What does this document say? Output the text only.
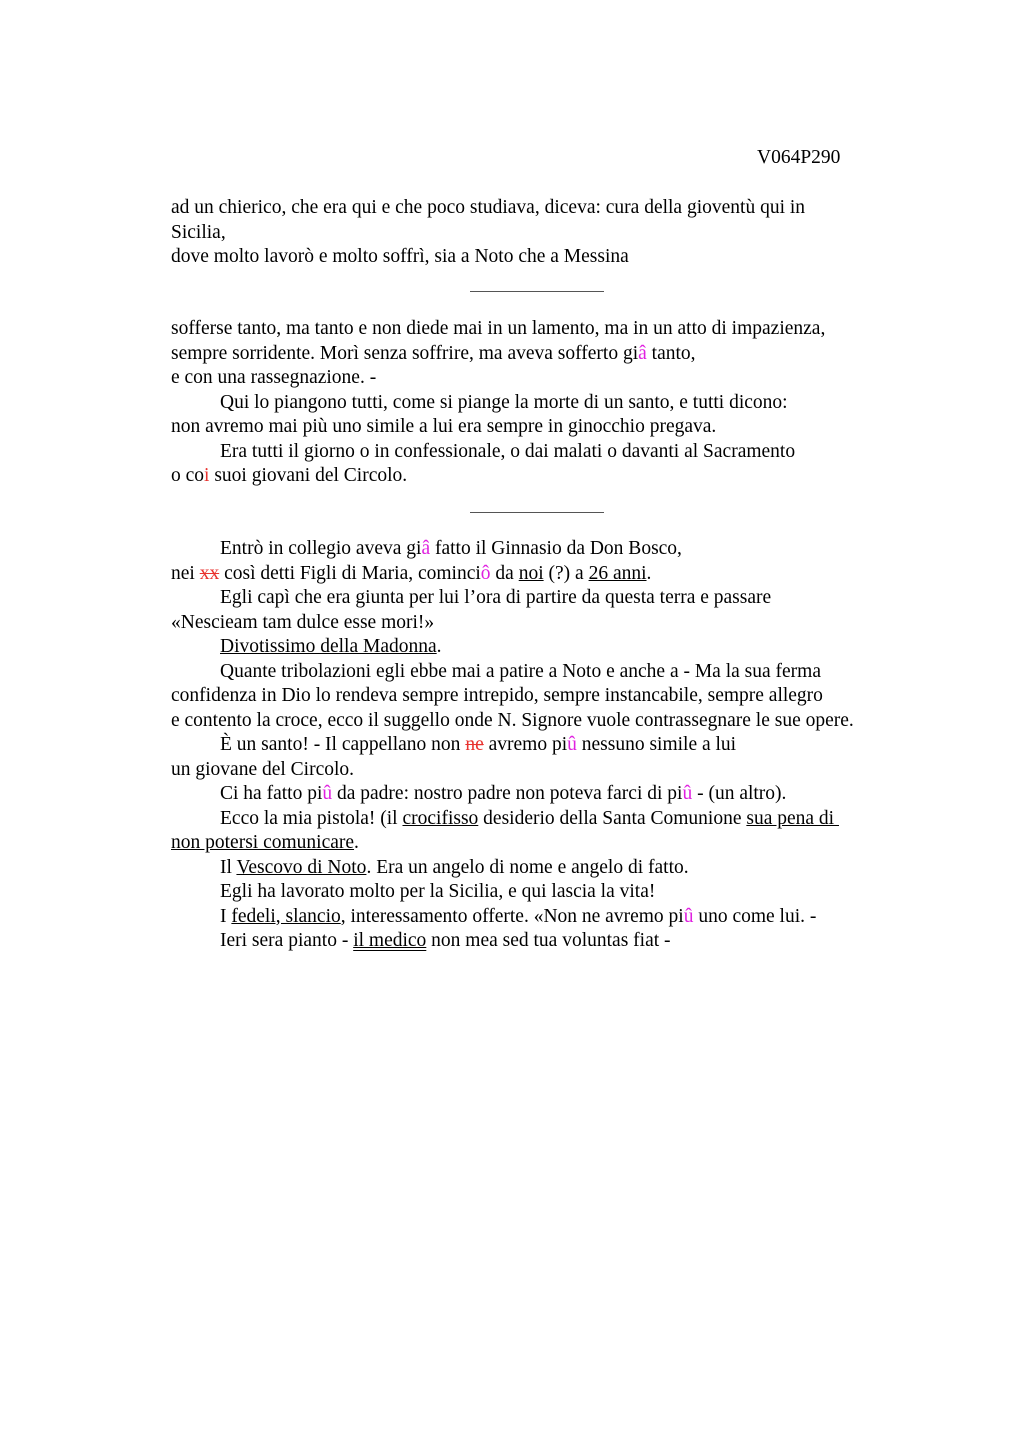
V064P290
ad un chierico, che era qui e che poco studiava, diceva: cura della gioventù qui in
Sicilia,
dove molto lavorò e molto soffrì, sia a Noto che a Messina
sofferse tanto, ma tanto e non diede mai in un lamento, ma in un atto di impazienza,
sempre sorridente. Morì senza soffrire, ma aveva sofferto giâ tanto,
e con una rassegnazione. -
Qui lo piangono tutti, come si piange la morte di un santo, e tutti dicono:
non avremo mai più uno simile a lui era sempre in ginocchio pregava.
Era tutti il giorno o in confessionale, o dai malati o davanti al Sacramento
o coi suoi giovani del Circolo.
Entrò in collegio aveva giâ fatto il Ginnasio da Don Bosco,
nei xx così detti Figli di Maria, cominciô da noi (?) a 26 anni.
Egli capì che era giunta per lui l’ora di partire da questa terra e passare
«Nescieam tam dulce esse mori!»
Divotissimo della Madonna.
Quante tribolazioni egli ebbe mai a patire a Noto e anche a - Ma la sua ferma
confidenza in Dio lo rendeva sempre intrepido, sempre instancabile, sempre allegro
e contento la croce, ecco il suggello onde N. Signore vuole contrassegnare le sue opere.
È un santo! - Il cappellano non ne avremo piû nessuno simile a lui
un giovane del Circolo.
Ci ha fatto piû da padre: nostro padre non poteva farci di piû - (un altro).
Ecco la mia pistola! (il crocifisso desiderio della Santa Comunione sua pena di
non potersi comunicare.
Il Vescovo di Noto. Era un angelo di nome e angelo di fatto.
Egli ha lavorato molto per la Sicilia, e qui lascia la vita!
I fedeli, slancio, interessamento offerte. «Non ne avremo piû uno come lui. -
Ieri sera pianto - il medico non mea sed tua voluntas fiat -
